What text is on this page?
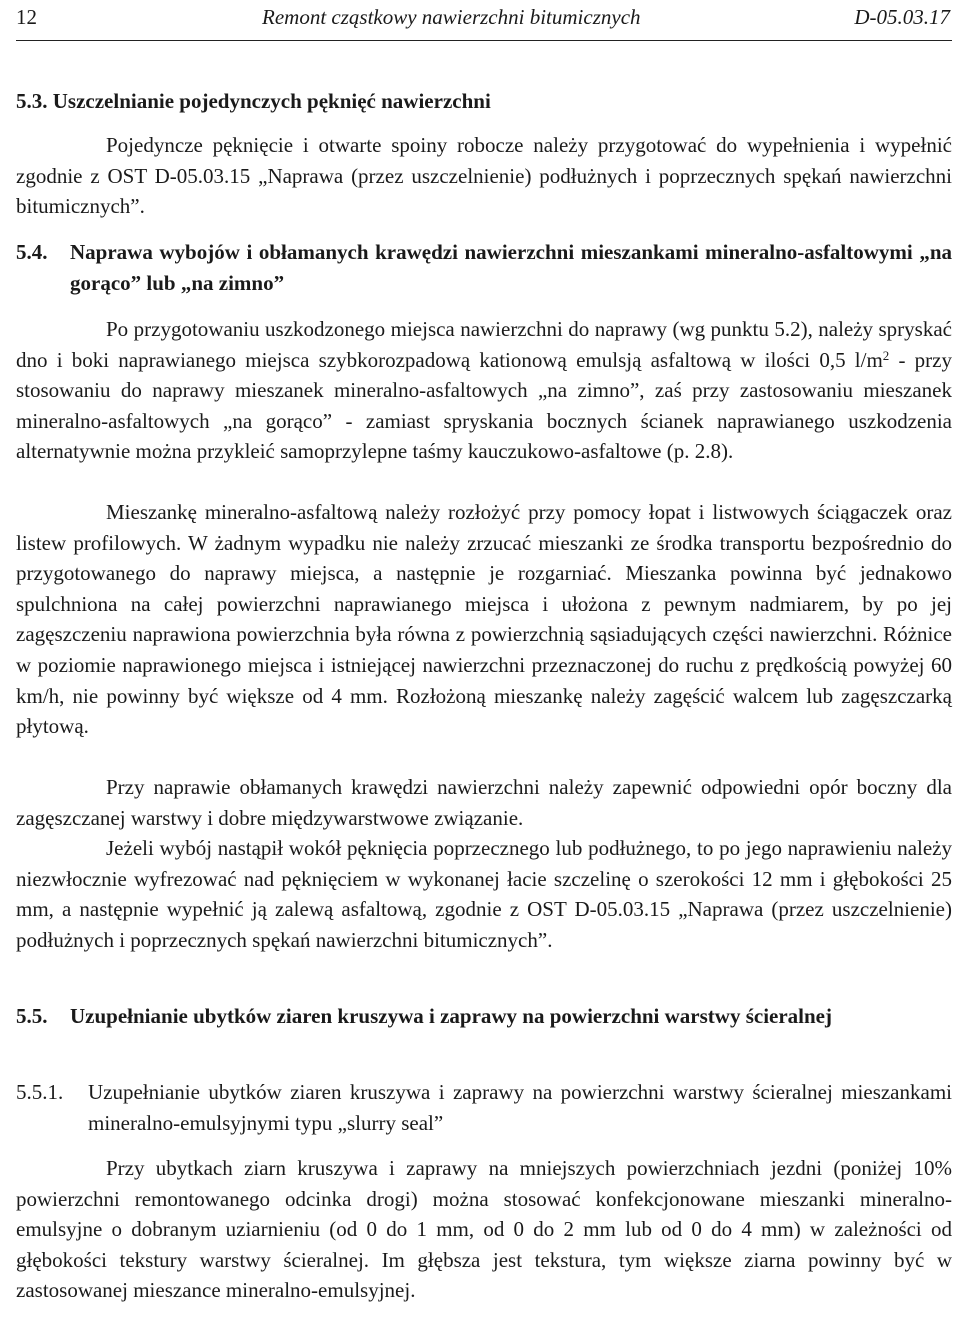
12	Remont cząstkowy nawierzchni bitumicznych	D-05.03.17
5.3. Uszczelnianie pojedynczych pęknięć nawierzchni
Pojedyncze pęknięcie i otwarte spoiny robocze należy przygotować do wypełnienia i wypełnić zgodnie z OST D-05.03.15 „Naprawa (przez uszczelnienie) podłużnych i poprzecznych spękań nawierzchni bitumicznych”.
5.4. Naprawa wybojów i obłamanych krawędzi nawierzchni mieszankami mineralno-asfaltowymi „na gorąco” lub „na zimno”
Po przygotowaniu uszkodzonego miejsca nawierzchni do naprawy (wg punktu 5.2), należy spryskać dno i boki naprawianego miejsca szybkorozpadową kationową emulsją asfaltową w ilości 0,5 $l/m^2$ - przy stosowaniu do naprawy mieszanek mineralno-asfaltowych „na zimno”, zaś przy zastosowaniu mieszanek mineralno-asfaltowych „na gorąco” - zamiast spryskania bocznych ścianek naprawianego uszkodzenia alternatywnie można przykleić samoprzylepne taśmy kauczukowo-asfaltowe (p. 2.8).
Mieszankę mineralno-asfaltową należy rozłożyć przy pomocy łopat i listwowych ściągaczek oraz listew profilowych. W żadnym wypadku nie należy zrzucać mieszanki ze środka transportu bezpośrednio do przygotowanego do naprawy miejsca, a następnie je rozgarniać. Mieszanka powinna być jednakowo spulchniona na całej powierzchni naprawianego miejsca i ułożona z pewnym nadmiarem, by po jej zagęszczeniu naprawiona powierzchnia była równa z powierzchnią sąsiadujących części nawierzchni. Różnice w poziomie naprawionego miejsca i istniejącej nawierzchni przeznaczonej do ruchu z prędkością powyżej 60 km/h, nie powinny być większe od 4 mm. Rozłożoną mieszankę należy zagęścić walcem lub zagęszczarką płytową.
Przy naprawie obłamanych krawędzi nawierzchni należy zapewnić odpowiedni opór boczny dla zagęszczanej warstwy i dobre międzywarstwowe związanie.
Jeżeli wybój nastąpił wokół pęknięcia poprzecznego lub podłużnego, to po jego naprawieniu należy niezwłocznie wyfrezować nad pęknięciem w wykonanej łacie szczelinę o szerokości 12 mm i głębokości 25 mm, a następnie wypełnić ją zalewą asfaltową, zgodnie z OST D-05.03.15 „Naprawa (przez uszczelnienie) podłużnych i poprzecznych spękań nawierzchni bitumicznych”.
5.5. Uzupełnianie ubytków ziaren kruszywa i zaprawy na powierzchni warstwy ścieralnej
5.5.1. Uzupełnianie ubytków ziaren kruszywa i zaprawy na powierzchni warstwy ścieralnej mieszankami mineralno-emulsyjnymi typu „slurry seal”
Przy ubytkach ziarn kruszywa i zaprawy na mniejszych powierzchniach jezdni (poniżej 10% powierzchni remontowanego odcinka drogi) można stosować konfekcjonowane mieszanki mineralno-emulsyjne o dobranym uziarnieniu (od 0 do 1 mm, od 0 do 2 mm lub od 0 do 4 mm) w zależności od głębokości tekstury warstwy ścieralnej. Im głębsza jest tekstura, tym większe ziarna powinny być w zastosowanej mieszance mineralno-emulsyjnej.
